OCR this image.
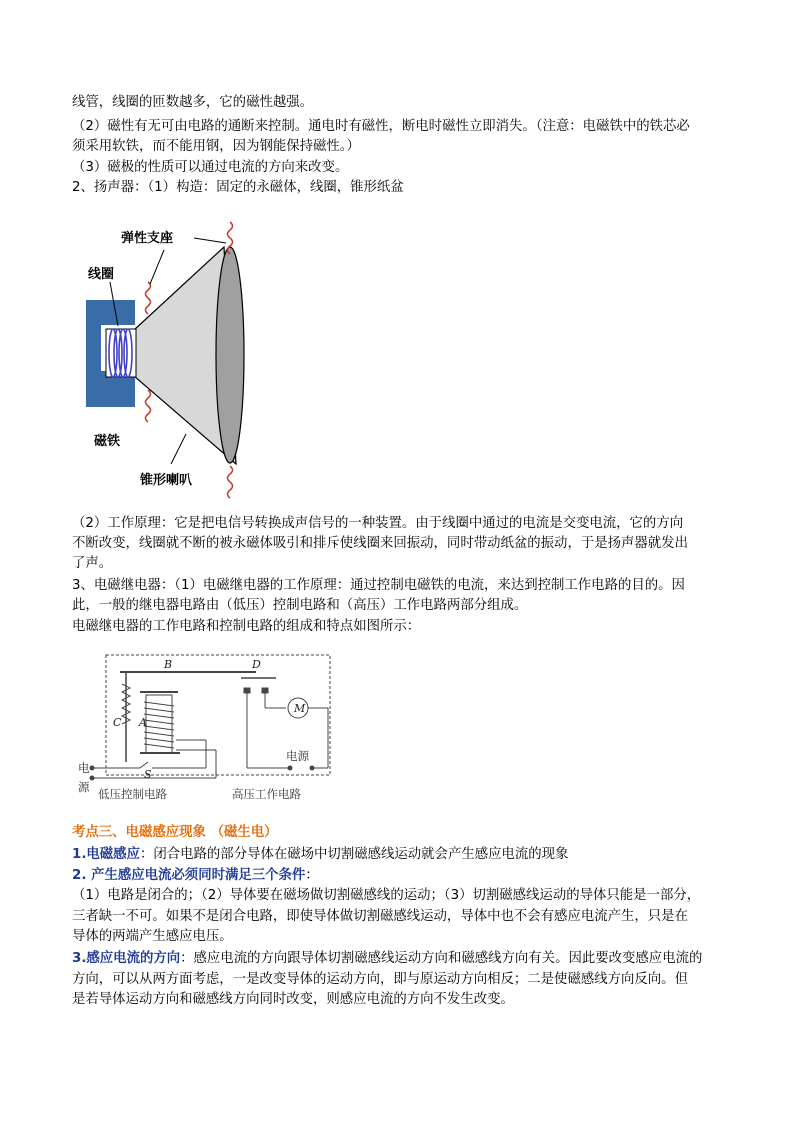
线管，线圈的匝数越多，它的磁性越强。
（2）磁性有无可由电路的通断来控制。通电时有磁性，断电时磁性立即消失。（注意：电磁铁中的铁芯必
须采用软铁，而不能用钢，因为钢能保持磁性。）
（3）磁极的性质可以通过电流的方向来改变。
2、扬声器：（1）构造：固定的永磁体，线圈，锥形纸盆
弹性支座
线圈
磁铁
锥形喇叭
（2）工作原理：它是把电信号转换成声信号的一种装置。由于线圈中通过的电流是交变电流，它的方向
不断改变，线圈就不断的被永磁体吸引和排斥使线圈来回振动，同时带动纸盆的振动，于是扬声器就发出
了声。
3、电磁继电器：（1）电磁继电器的工作原理：通过控制电磁铁的电流，来达到控制工作电路的目的。因
此，一般的继电器电路由（低压）控制电路和（高压）工作电路两部分组成。
电磁继电器的工作电路和控制电路的组成和特点如图所示：
B	D
C A
S
M
电
源
电源
低压控制电路	高压工作电路
考点三、电磁感应现象 （磁生电）
1.电磁感应：闭合电路的部分导体在磁场中切割磁感线运动就会产生感应电流的现象
2. 产生感应电流必须同时满足三个条件：
（1）电路是闭合的；（2）导体要在磁场做切割磁感线的运动；（3）切割磁感线运动的导体只能是一部分，
三者缺一不可。如果不是闭合电路，即使导体做切割磁感线运动，导体中也不会有感应电流产生，只是在
导体的两端产生感应电压。
3.感应电流的方向：感应电流的方向跟导体切割磁感线运动方向和磁感线方向有关。因此要改变感应电流的
方向，可以从两方面考虑，一是改变导体的运动方向，即与原运动方向相反；二是使磁感线方向反向。但
是若导体运动方向和磁感线方向同时改变，则感应电流的方向不发生改变。
